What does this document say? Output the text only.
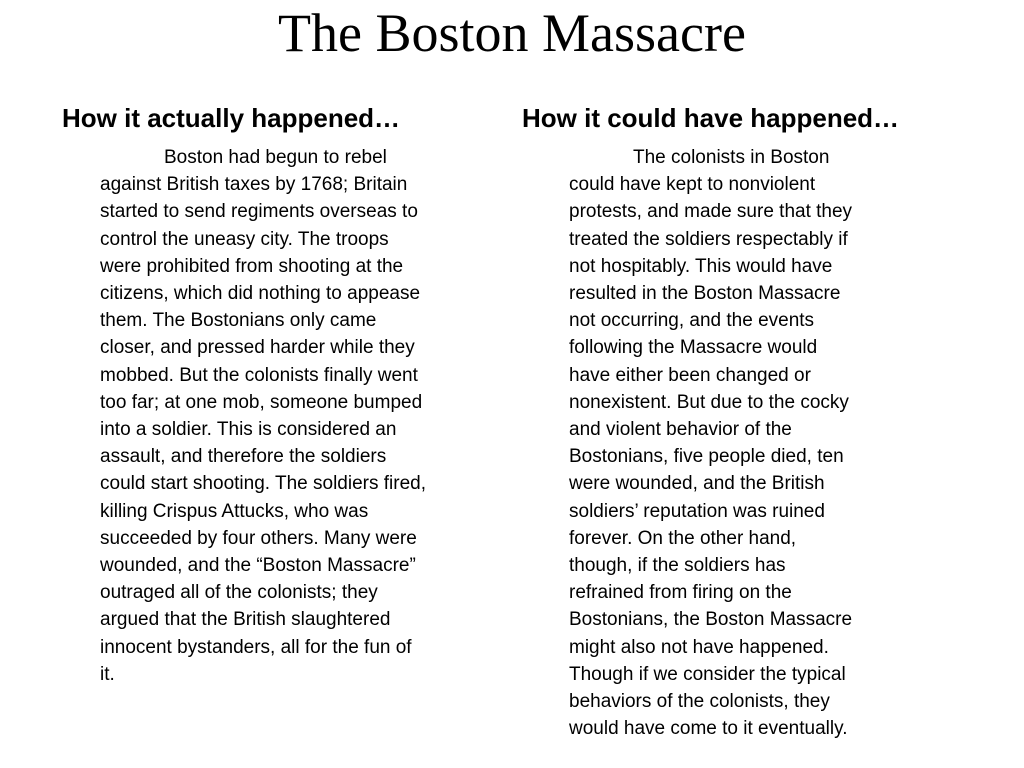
The Boston Massacre
How it actually happened…	How it could have happened…
Boston had begun to rebel
against British taxes by 1768; Britain
started to send regiments overseas to
control the uneasy city. The troops
were prohibited from shooting at the
citizens, which did nothing to appease
them. The Bostonians only came
closer, and pressed harder while they
mobbed. But the colonists finally went
too far; at one mob, someone bumped
into a soldier. This is considered an
assault, and therefore the soldiers
could start shooting. The soldiers fired,
killing Crispus Attucks, who was
succeeded by four others. Many were
wounded, and the “Boston Massacre”
outraged all of the colonists; they
argued that the British slaughtered
innocent bystanders, all for the fun of
it.
The colonists in Boston
could have kept to nonviolent
protests, and made sure that they
treated the soldiers respectably if
not hospitably. This would have
resulted in the Boston Massacre
not occurring, and the events
following the Massacre would
have either been changed or
nonexistent. But due to the cocky
and violent behavior of the
Bostonians, five people died, ten
were wounded, and the British
soldiers’ reputation was ruined
forever. On the other hand,
though, if the soldiers has
refrained from firing on the
Bostonians, the Boston Massacre
might also not have happened.
Though if we consider the typical
behaviors of the colonists, they
would have come to it eventually.
